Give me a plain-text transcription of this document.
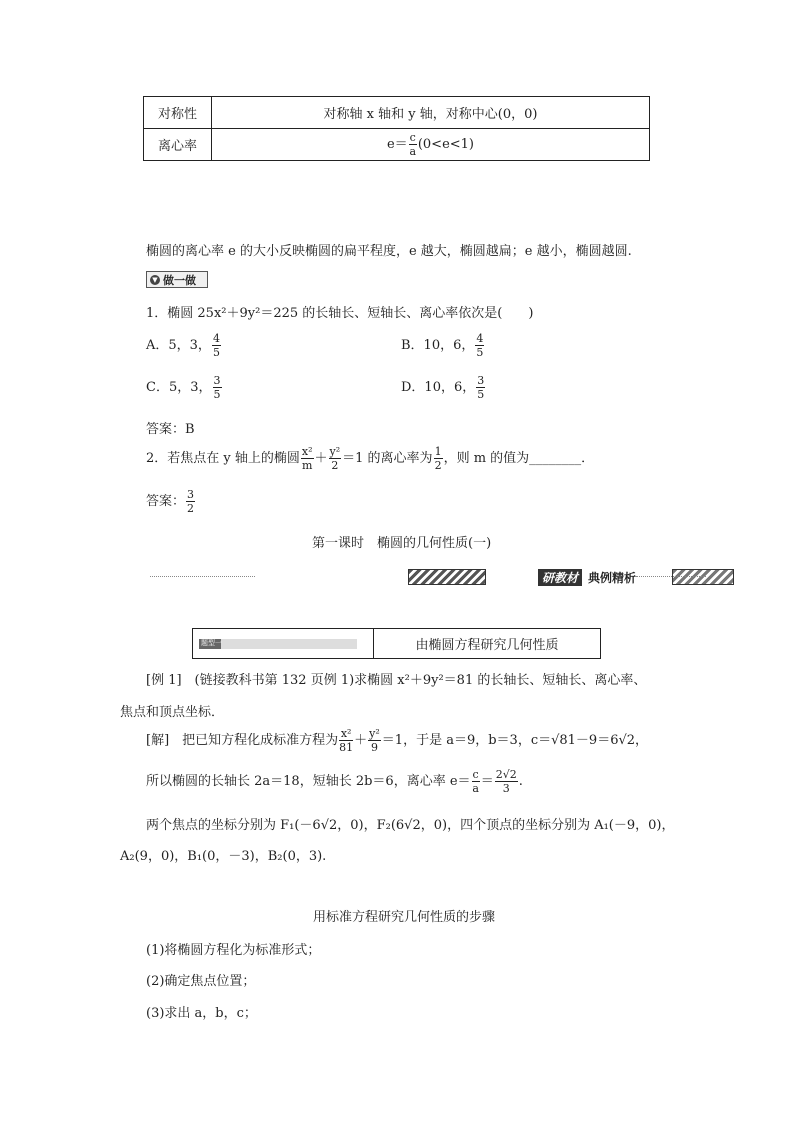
对称性	对称轴 x 轴和 y 轴，对称中心(0，0)
离心率	$e= \frac{c}{a} (0<e<1)$
椭圆的离心率 e 的大小反映椭圆的扁平程度，e 越大，椭圆越扁；e 越小，椭圆越圆.
▼ 做一做
1．椭圆 25x²＋9y²＝225 的长轴长、短轴长、离心率依次是(　　)
A．5，3， $\frac{4}{5}$	B．10，6， $\frac{4}{5}$
C．5，3， $\frac{3}{5}$	D．10，6， $\frac{3}{5}$
答案：B
2．若焦点在 y 轴上的椭圆 $\frac{\text{x²}}{m} + \frac{\text{y²}}{2} =1$ 的离心率为 $\frac{1}{2}$ ，则 m 的值为________．
答案： $\frac{3}{2}$
第一课时　椭圆的几何性质(一)
研教材 典例精析
题型一	由椭圆方程研究几何性质
[例 1]　(链接教科书第 132 页例 1)求椭圆 x²＋9y²＝81 的长轴长、短轴长、离心率、
焦点和顶点坐标．
[解]　把已知方程化成标准方程为 $\frac{\text{x²}}{81} + \frac{\text{y²}}{9} =1$，于是 a＝9，b＝3，c＝√81－9＝6√2，
所以椭圆的长轴长 2a＝18，短轴长 2b＝6，离心率 $e= \frac{c}{a} = \frac{2√2}{3}$ .
两个焦点的坐标分别为 F₁(－6√2，0)，F₂(6√2，0)，四个顶点的坐标分别为 A₁(－9，0)，
A₂(9，0)，B₁(0，－3)，B₂(0，3).
用标准方程研究几何性质的步骤
(1)将椭圆方程化为标准形式；
(2)确定焦点位置；
(3)求出 a，b，c；
